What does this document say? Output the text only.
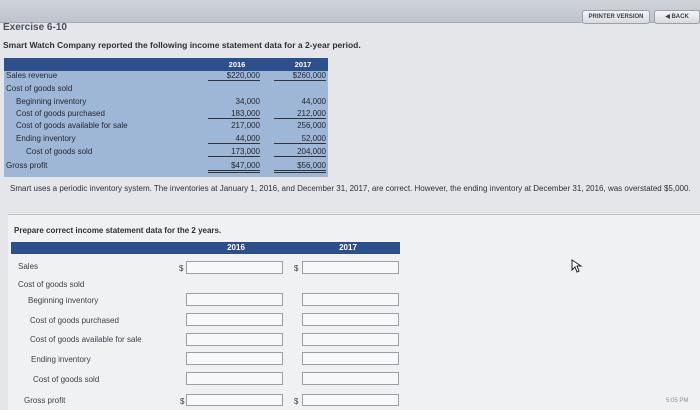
PRINTER VERSION	◀ BACK
Exercise 6-10
Smart Watch Company reported the following income statement data for a 2-year period.
2016	2017
Sales revenue	$220,000	$260,000
Cost of goods sold
Beginning inventory	34,000	44,000
Cost of goods purchased	183,000	212,000
Cost of goods available for sale	217,000	256,000
Ending inventory	44,000	52,000
Cost of goods sold	173,000	204,000
Gross profit	$47,000	$56,000
Smart uses a periodic inventory system. The inventories at January 1, 2016, and December 31, 2017, are correct. However, the ending inventory at December 31, 2016, was overstated $5,000.
Prepare correct income statement data for the 2 years.
2016	2017
Sales	$	$
Cost of goods sold
Beginning inventory
Cost of goods purchased
Cost of goods available for sale
Ending inventory
Cost of goods sold
Gross profit	$	$	5:05 PM
